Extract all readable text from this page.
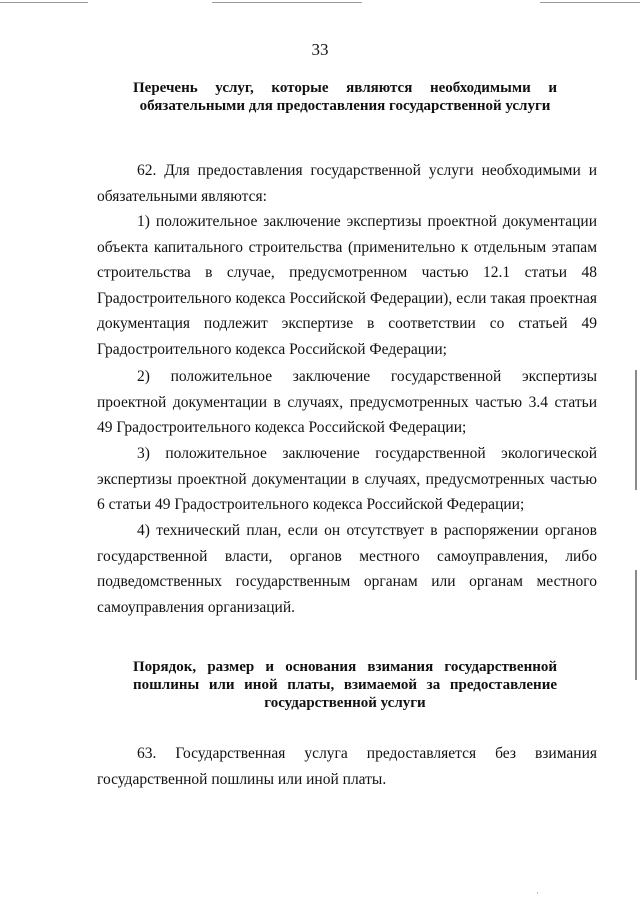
·
33
Перечень услуг, которые являются необходимыми и обязательными для предоставления государственной услуги

62. Для предоставления государственной услуги необходимыми и обязательными являются:

1) положительное заключение экспертизы проектной документации объекта капитального строительства (применительно к отдельным этапам строительства в случае, предусмотренном частью 12.1 статьи 48 Градостроительного кодекса Российской Федерации), если такая проектная документация подлежит экспертизе в соответствии со статьей 49 Градостроительного кодекса Российской Федерации;

2) положительное заключение государственной экспертизы проектной документации в случаях, предусмотренных частью 3.4 статьи 49 Градостроительного кодекса Российской Федерации;

3) положительное заключение государственной экологической экспертизы проектной документации в случаях, предусмотренных частью 6 статьи 49 Градостроительного кодекса Российской Федерации;

4) технический план, если он отсутствует в распоряжении органов государственной власти, органов местного самоуправления, либо подведомственных государственным органам или органам местного самоуправления организаций.

Порядок, размер и основания взимания государственной пошлины или иной платы, взимаемой за предоставление государственной услуги

63. Государственная услуга предоставляется без взимания государственной пошлины или иной платы.
